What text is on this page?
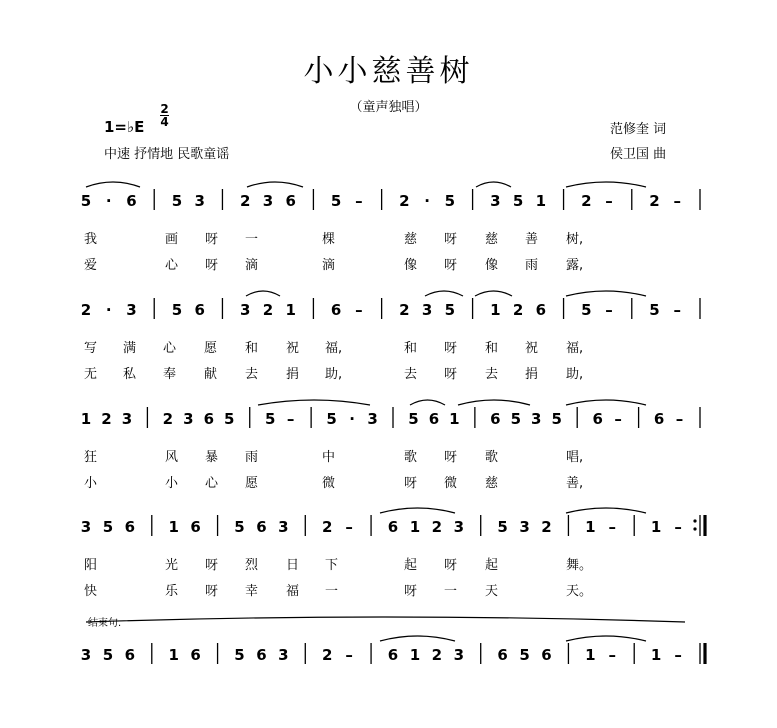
小小慈善树
（童声独唱）
1=♭E
2
4
中速 抒情地 民歌童谣
范修奎 词
侯卫国 曲
结束句.
5 · 6 5 3 2 3 6 5 – 2 · 5 3 5 1 2 – 2 –
我	画 呀 一	棵	慈 呀 慈 善 树,
爱	心 呀 滴	滴	像 呀 像 雨 露,
2 · 3 5 6 3 2 1 6 – 2 3 5 1 2 6 5 – 5 –
写 满 心 愿 和 祝 福,	和 呀 和 祝 福,
无 私 奉 献 去 捐 助,	去 呀 去 捐 助,
1 2 3 2 3 6 5 5 – 5 · 3 5 6 1 6 5 3 5 6 – 6 –
狂	风 暴 雨	中	歌 呀 歌	唱,
小	小 心 愿	微	呀 微 慈	善,
3 5 6 1 6 5 6 3 2 – 6 1 2 3 5 3 2 1 – 1 –
阳	光 呀 烈 日 下	起 呀 起	舞。
快	乐 呀 幸 福 一	呀 一 天	天。
3 5 6 1 6 5 6 3 2 – 6 1 2 3 6 5 6 1 – 1 –
